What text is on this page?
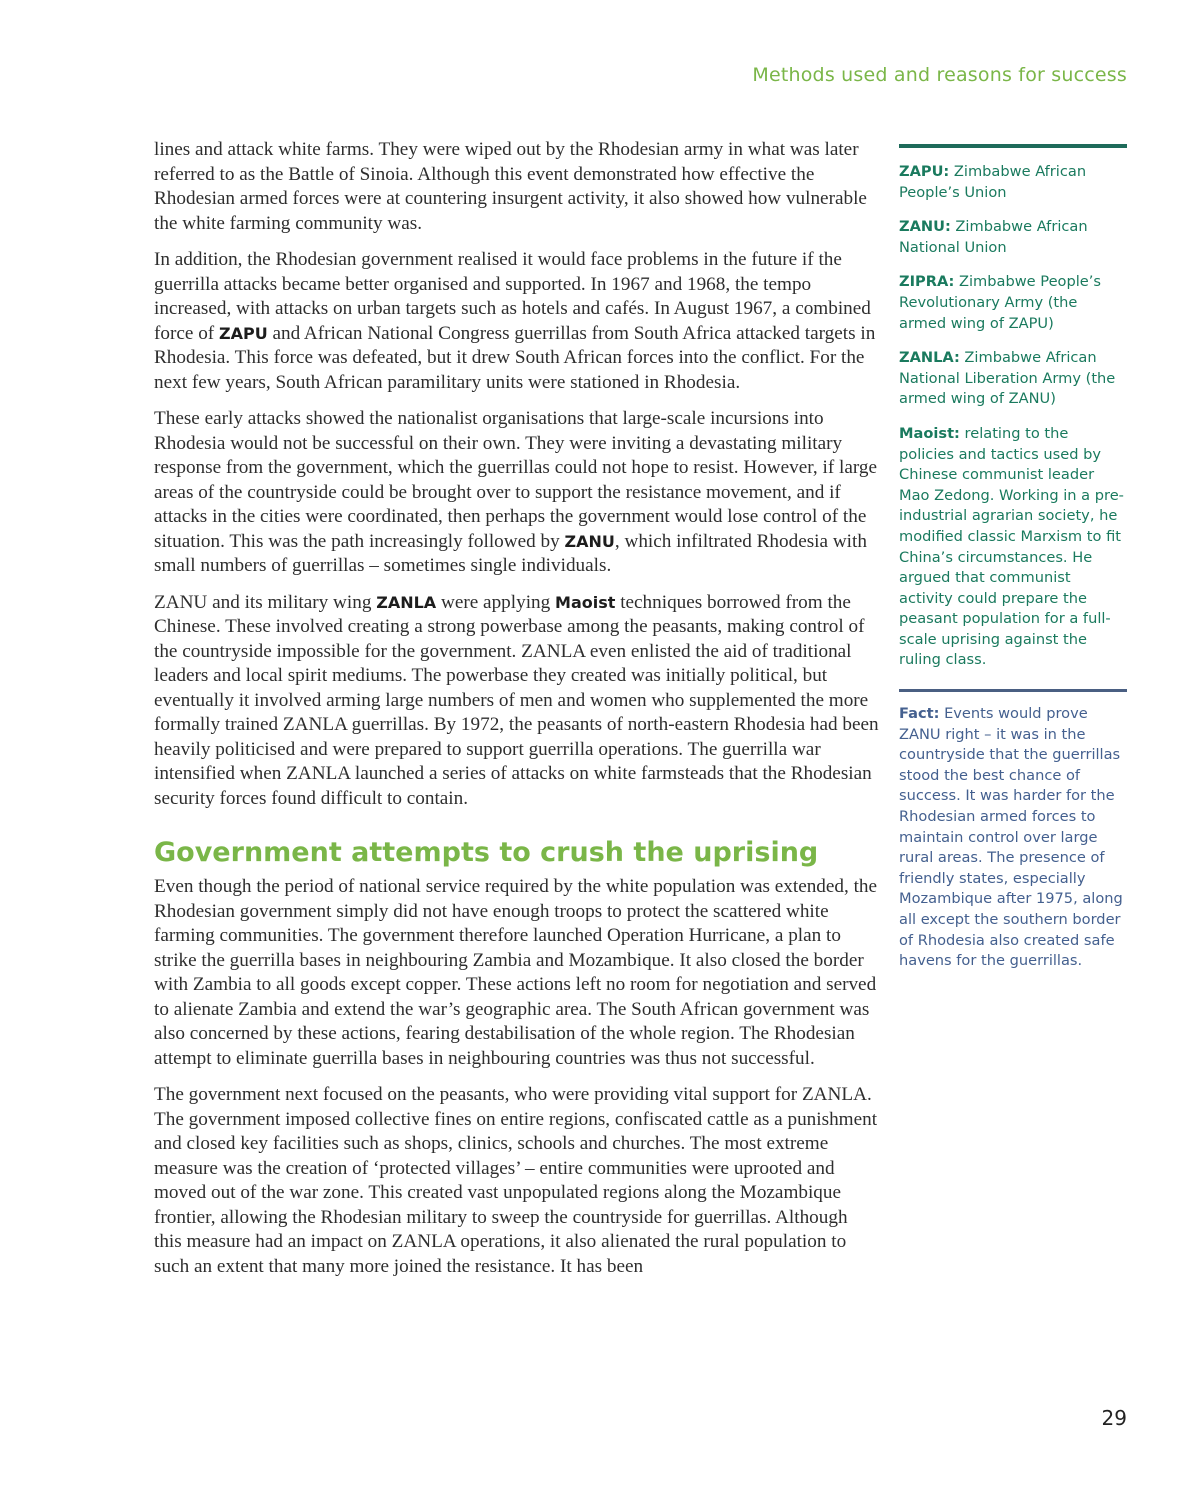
Methods used and reasons for success

lines and attack white farms. They were wiped out by the Rhodesian army in what was later referred to as the Battle of Sinoia. Although this event demonstrated how effective the Rhodesian armed forces were at countering insurgent activity, it also showed how vulnerable the white farming community was.

In addition, the Rhodesian government realised it would face problems in the future if the guerrilla attacks became better organised and supported. In 1967 and 1968, the tempo increased, with attacks on urban targets such as hotels and cafés. In August 1967, a combined force of ZAPU and African National Congress guerrillas from South Africa attacked targets in Rhodesia. This force was defeated, but it drew South African forces into the conflict. For the next few years, South African paramilitary units were stationed in Rhodesia.

These early attacks showed the nationalist organisations that large-scale incursions into Rhodesia would not be successful on their own. They were inviting a devastating military response from the government, which the guerrillas could not hope to resist. However, if large areas of the countryside could be brought over to support the resistance movement, and if attacks in the cities were coordinated, then perhaps the government would lose control of the situation. This was the path increasingly followed by ZANU, which infiltrated Rhodesia with small numbers of guerrillas – sometimes single individuals.

ZANU and its military wing ZANLA were applying Maoist techniques borrowed from the Chinese. These involved creating a strong powerbase among the peasants, making control of the countryside impossible for the government. ZANLA even enlisted the aid of traditional leaders and local spirit mediums. The powerbase they created was initially political, but eventually it involved arming large numbers of men and women who supplemented the more formally trained ZANLA guerrillas. By 1972, the peasants of north-eastern Rhodesia had been heavily politicised and were prepared to support guerrilla operations. The guerrilla war intensified when ZANLA launched a series of attacks on white farmsteads that the Rhodesian security forces found difficult to contain.

Government attempts to crush the uprising

Even though the period of national service required by the white population was extended, the Rhodesian government simply did not have enough troops to protect the scattered white farming communities. The government therefore launched Operation Hurricane, a plan to strike the guerrilla bases in neighbouring Zambia and Mozambique. It also closed the border with Zambia to all goods except copper. These actions left no room for negotiation and served to alienate Zambia and extend the war’s geographic area. The South African government was also concerned by these actions, fearing destabilisation of the whole region. The Rhodesian attempt to eliminate guerrilla bases in neighbouring countries was thus not successful.

The government next focused on the peasants, who were providing vital support for ZANLA. The government imposed collective fines on entire regions, confiscated cattle as a punishment and closed key facilities such as shops, clinics, schools and churches. The most extreme measure was the creation of ‘protected villages’ – entire communities were uprooted and moved out of the war zone. This created vast unpopulated regions along the Mozambique frontier, allowing the Rhodesian military to sweep the countryside for guerrillas. Although this measure had an impact on ZANLA operations, it also alienated the rural population to such an extent that many more joined the resistance. It has been

ZAPU: Zimbabwe African People’s Union
ZANU: Zimbabwe African National Union
ZIPRA: Zimbabwe People’s Revolutionary Army (the armed wing of ZAPU)
ZANLA: Zimbabwe African National Liberation Army (the armed wing of ZANU)
Maoist: relating to the policies and tactics used by Chinese communist leader Mao Zedong. Working in a pre-industrial agrarian society, he modified classic Marxism to fit China’s circumstances. He argued that communist activity could prepare the peasant population for a full-scale uprising against the ruling class.
Fact: Events would prove ZANU right – it was in the countryside that the guerrillas stood the best chance of success. It was harder for the Rhodesian armed forces to maintain control over large rural areas. The presence of friendly states, especially Mozambique after 1975, along all except the southern border of Rhodesia also created safe havens for the guerrillas.
29
